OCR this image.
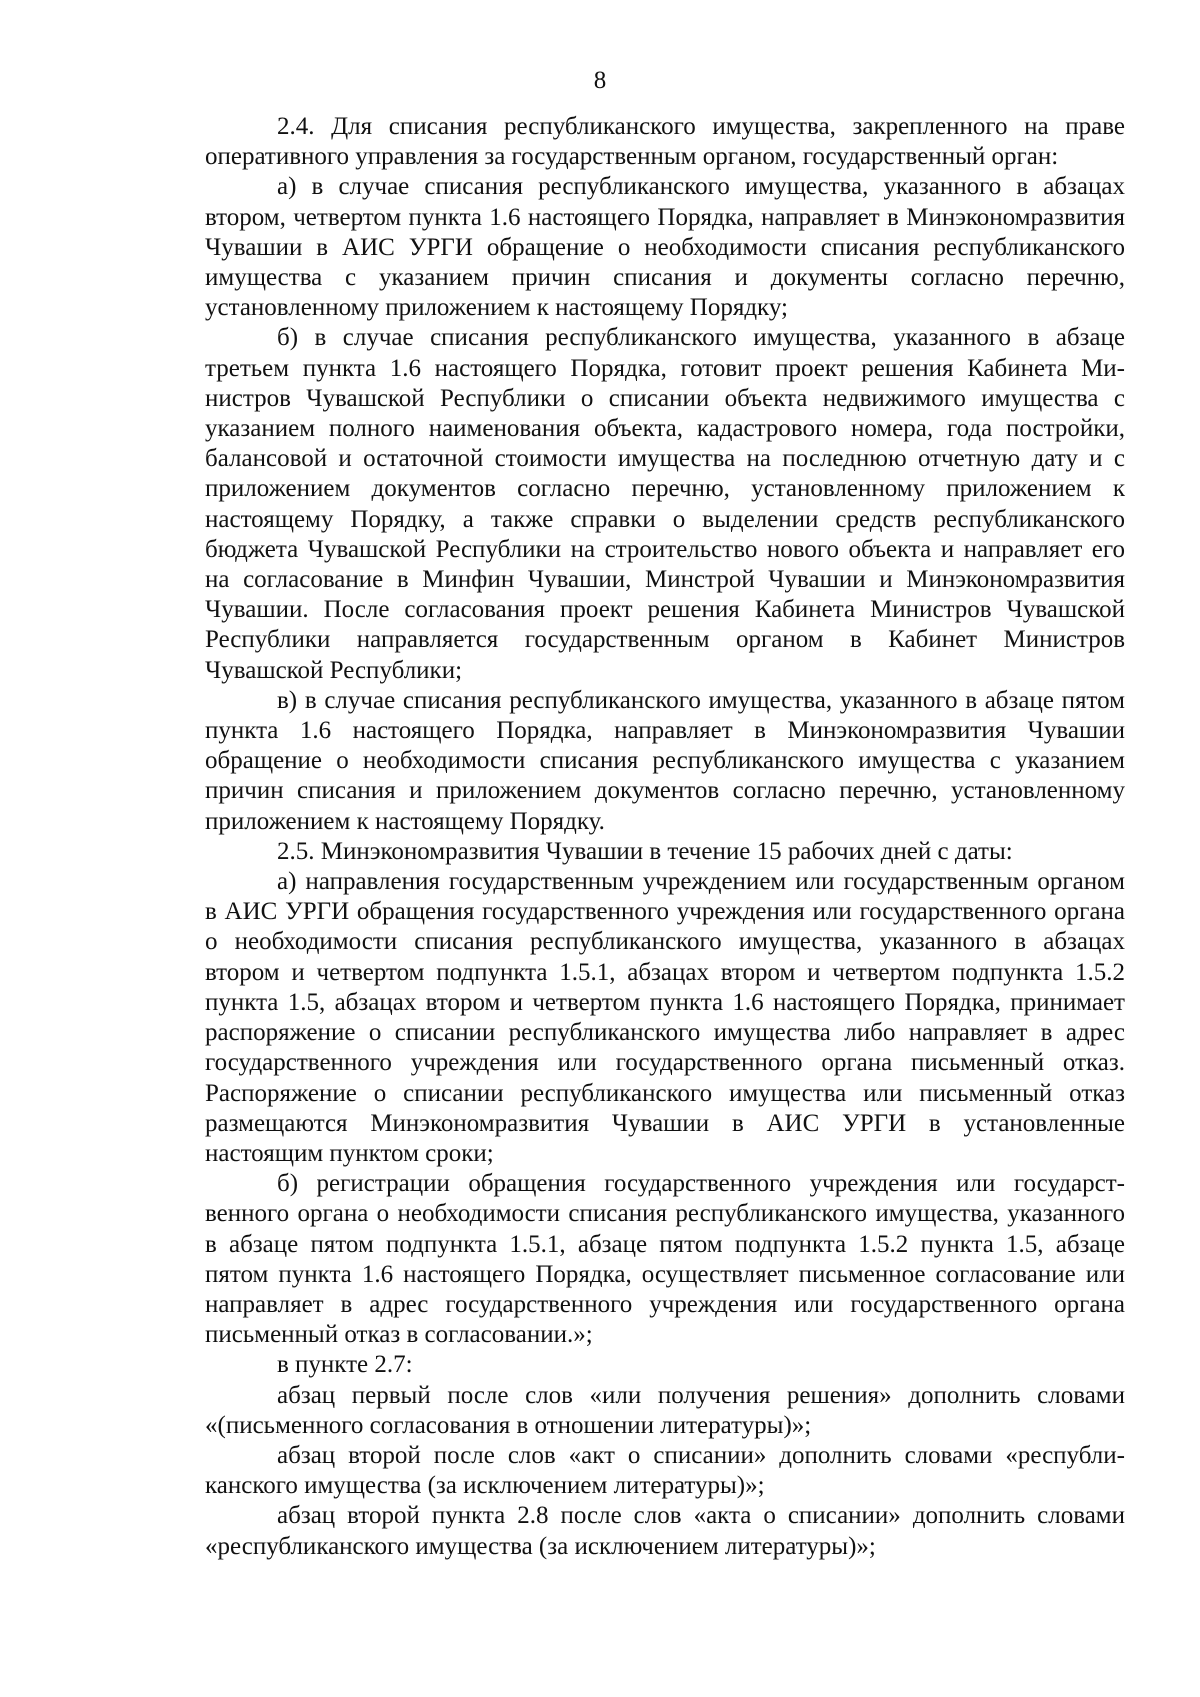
8

2.4. Для списания республиканского имущества, закрепленного на праве оперативного управления за государственным органом, государственный орган:

а) в случае списания республиканского имущества, указанного в абзацах втором, четвертом пункта 1.6 настоящего Порядка, направляет в Минэкономразвития Чувашии в АИС УРГИ обращение о необходимости списания республиканского имущества с указанием причин списания и документы согласно перечню, установленному приложением к настоящему Порядку;

б) в случае списания республиканского имущества, указанного в абзаце третьем пункта 1.6 настоящего Порядка, готовит проект решения Кабинета Министров Чувашской Республики о списании объекта недвижимого имущества с указанием полного наименования объекта, кадастрового номера, года постройки, балансовой и остаточной стоимости имущества на последнюю отчетную дату и с приложением документов согласно перечню, установленному приложением к настоящему Порядку, а также справки о выделении средств республиканского бюджета Чувашской Республики на строительство нового объекта и направляет его на согласование в Минфин Чувашии, Минстрой Чувашии и Минэкономразвития Чувашии. После согласования проект решения Кабинета Министров Чувашской Республики направляется государственным органом в Кабинет Министров Чувашской Республики;

в) в случае списания республиканского имущества, указанного в абзаце пятом пункта 1.6 настоящего Порядка, направляет в Минэкономразвития Чувашии обращение о необходимости списания республиканского имущества с указанием причин списания и приложением документов согласно перечню, установленному приложением к настоящему Порядку.

2.5. Минэкономразвития Чувашии в течение 15 рабочих дней с даты:

а) направления государственным учреждением или государственным органом в АИС УРГИ обращения государственного учреждения или государственного органа о необходимости списания республиканского имущества, указанного в абзацах втором и четвертом подпункта 1.5.1, абзацах втором и четвертом подпункта 1.5.2 пункта 1.5, абзацах втором и четвертом пункта 1.6 настоящего Порядка, принимает распоряжение о списании республиканского имущества либо направляет в адрес государственного учреждения или государственного органа письменный отказ. Распоряжение о списании республиканского имущества или письменный отказ размещаются Минэкономразвития Чувашии в АИС УРГИ в установленные настоящим пунктом сроки;

б) регистрации обращения государственного учреждения или государственного органа о необходимости списания республиканского имущества, указанного в абзаце пятом подпункта 1.5.1, абзаце пятом подпункта 1.5.2 пункта 1.5, абзаце пятом пункта 1.6 настоящего Порядка, осуществляет письменное согласование или направляет в адрес государственного учреждения или государственного органа письменный отказ в согласовании.»;

в пункте 2.7:

абзац первый после слов «или получения решения» дополнить словами «(письменного согласования в отношении литературы)»;

абзац второй после слов «акт о списании» дополнить словами «республиканского имущества (за исключением литературы)»;

абзац второй пункта 2.8 после слов «акта о списании» дополнить словами «республиканского имущества (за исключением литературы)»;
